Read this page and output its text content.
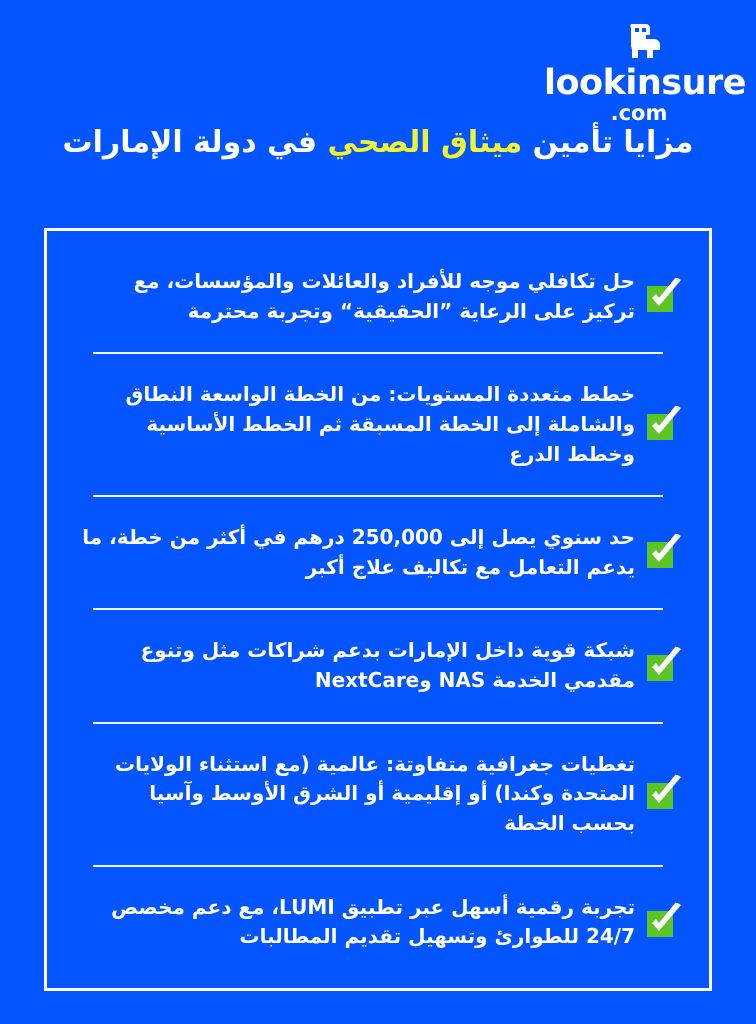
lookinsure
.com
مزايا تأمين ميثاق الصحي في دولة الإمارات
حل تكافلي موجه للأفراد والعائلات والمؤسسات، مع تركيز على الرعاية ”الحقيقية“ وتجربة محترمة
خطط متعددة المستويات: من الخطة الواسعة النطاق والشاملة إلى الخطة المسبقة ثم الخطط الأساسية وخطط الدرع
حد سنوي يصل إلى 250,000 درهم في أكثر من خطة، ما يدعم التعامل مع تكاليف علاج أكبر
شبكة قوية داخل الإمارات بدعم شراكات مثل وتنوع مقدمي الخدمة NAS وNextCare
تغطيات جغرافية متفاوتة: عالمية (مع استثناء الولايات المتحدة وكندا) أو إقليمية أو الشرق الأوسط وآسيا بحسب الخطة
تجربة رقمية أسهل عبر تطبيق LUMI، مع دعم مخصص 24/7 للطوارئ وتسهيل تقديم المطالبات
